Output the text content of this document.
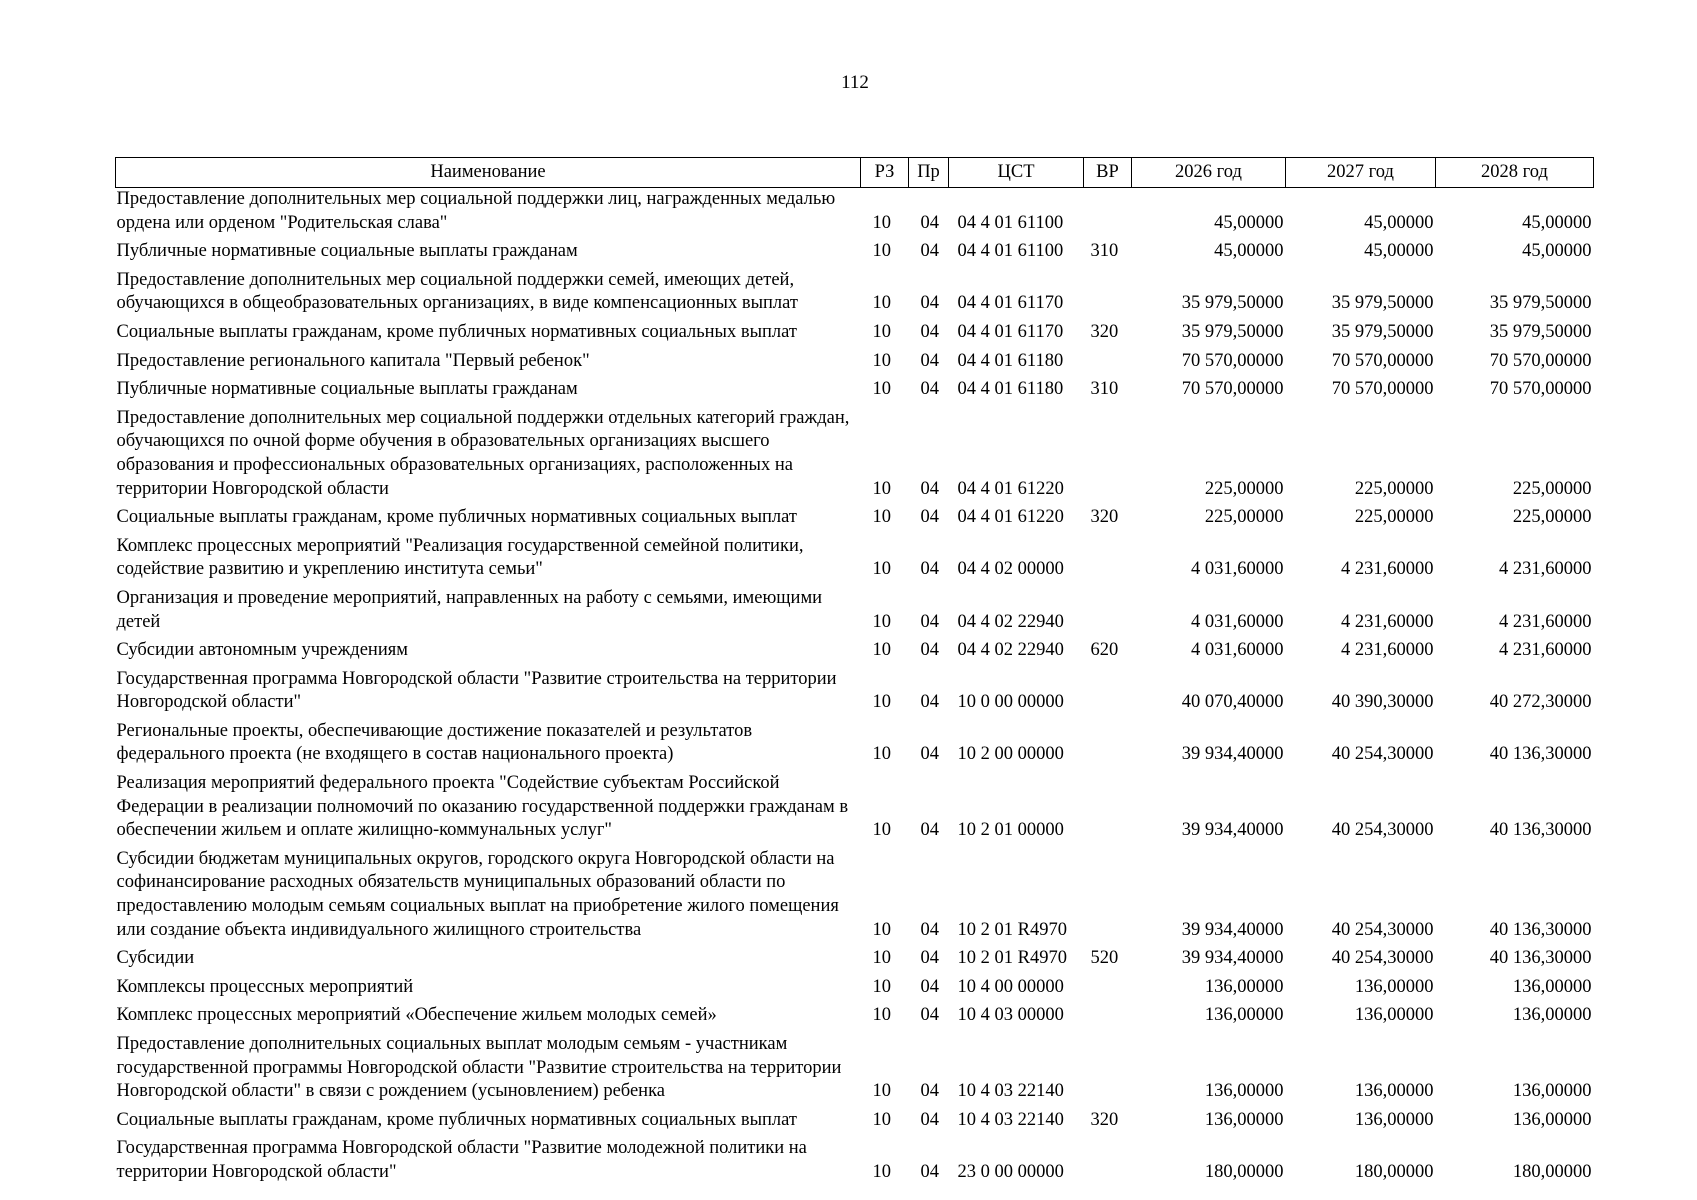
112
Наименование	РЗ	Пр	ЦСТ	ВР	2026 год	2027 год	2028 год
Предоставление дополнительных мер социальной поддержки лиц, награжденных медалью ордена или орденом "Родительская слава"	10	04	04 4 01 61100		45,00000	45,00000	45,00000
Публичные нормативные социальные выплаты гражданам	10	04	04 4 01 61100	310	45,00000	45,00000	45,00000
Предоставление дополнительных мер социальной поддержки семей, имеющих детей, обучающихся в общеобразовательных организациях, в виде компенсационных выплат	10	04	04 4 01 61170		35 979,50000	35 979,50000	35 979,50000
Социальные выплаты гражданам, кроме публичных нормативных социальных выплат	10	04	04 4 01 61170	320	35 979,50000	35 979,50000	35 979,50000
Предоставление регионального капитала "Первый ребенок"	10	04	04 4 01 61180		70 570,00000	70 570,00000	70 570,00000
Публичные нормативные социальные выплаты гражданам	10	04	04 4 01 61180	310	70 570,00000	70 570,00000	70 570,00000
Предоставление дополнительных мер социальной поддержки отдельных категорий граждан, обучающихся по очной форме обучения в образовательных организациях высшего образования и профессиональных образовательных организациях, расположенных на территории Новгородской области	10	04	04 4 01 61220		225,00000	225,00000	225,00000
Социальные выплаты гражданам, кроме публичных нормативных социальных выплат	10	04	04 4 01 61220	320	225,00000	225,00000	225,00000
Комплекс процессных мероприятий "Реализация государственной семейной политики, содействие развитию и укреплению института семьи"	10	04	04 4 02 00000		4 031,60000	4 231,60000	4 231,60000
Организация и проведение мероприятий, направленных на работу с семьями, имеющими детей	10	04	04 4 02 22940		4 031,60000	4 231,60000	4 231,60000
Субсидии автономным учреждениям	10	04	04 4 02 22940	620	4 031,60000	4 231,60000	4 231,60000
Государственная программа Новгородской области "Развитие строительства на территории Новгородской области"	10	04	10 0 00 00000		40 070,40000	40 390,30000	40 272,30000
Региональные проекты, обеспечивающие достижение показателей и результатов федерального проекта (не входящего в состав национального проекта)	10	04	10 2 00 00000		39 934,40000	40 254,30000	40 136,30000
Реализация мероприятий федерального проекта "Содействие субъектам Российской Федерации в реализации полномочий по оказанию государственной поддержки гражданам в обеспечении жильем и оплате жилищно-коммунальных услуг"	10	04	10 2 01 00000		39 934,40000	40 254,30000	40 136,30000
Субсидии бюджетам муниципальных округов, городского округа Новгородской области на софинансирование расходных обязательств муниципальных образований области по предоставлению молодым семьям социальных выплат на приобретение жилого помещения или создание объекта индивидуального жилищного строительства	10	04	10 2 01 R4970		39 934,40000	40 254,30000	40 136,30000
Субсидии	10	04	10 2 01 R4970	520	39 934,40000	40 254,30000	40 136,30000
Комплексы процессных мероприятий	10	04	10 4 00 00000		136,00000	136,00000	136,00000
Комплекс процессных мероприятий «Обеспечение жильем молодых семей»	10	04	10 4 03 00000		136,00000	136,00000	136,00000
Предоставление дополнительных социальных выплат молодым семьям - участникам государственной программы Новгородской области "Развитие строительства на территории Новгородской области" в связи с рождением (усыновлением) ребенка	10	04	10 4 03 22140		136,00000	136,00000	136,00000
Социальные выплаты гражданам, кроме публичных нормативных социальных выплат	10	04	10 4 03 22140	320	136,00000	136,00000	136,00000
Государственная программа Новгородской области "Развитие молодежной политики на территории Новгородской области"	10	04	23 0 00 00000		180,00000	180,00000	180,00000
